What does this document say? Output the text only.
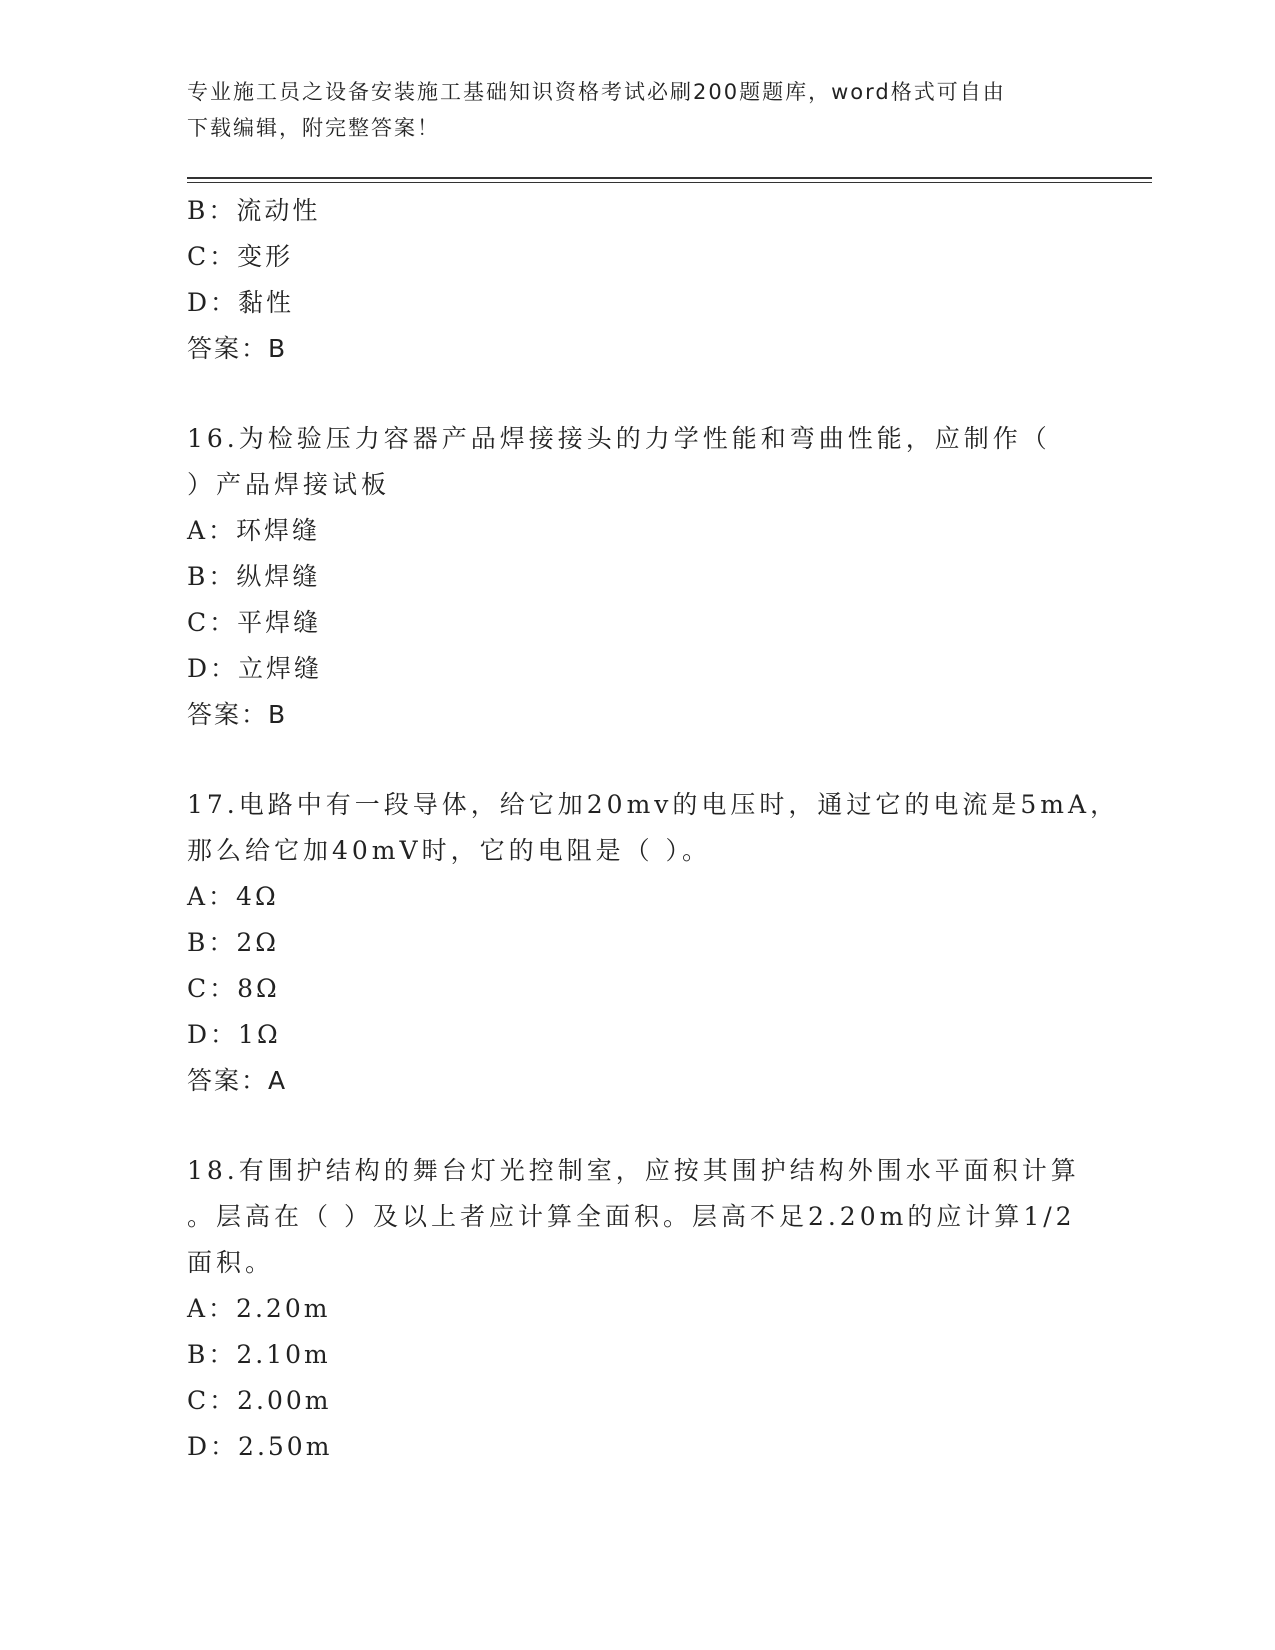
专业施工员之设备安装施工基础知识资格考试必刷200题题库，word格式可自由
下载编辑，附完整答案！
B：流动性
C：变形
D：黏性
答案：B
16.为检验压力容器产品焊接接头的力学性能和弯曲性能，应制作（
）产品焊接试板
A：环焊缝
B：纵焊缝
C：平焊缝
D：立焊缝
答案：B
17.电路中有一段导体，给它加20mv的电压时，通过它的电流是5mA，
那么给它加40mV时，它的电阻是（ ）。
A：4Ω
B：2Ω
C：8Ω
D：1Ω
答案：A
18.有围护结构的舞台灯光控制室，应按其围护结构外围水平面积计算
。层高在（ ）及以上者应计算全面积。层高不足2.20m的应计算1/2
面积。
A：2.20m
B：2.10m
C：2.00m
D：2.50m
